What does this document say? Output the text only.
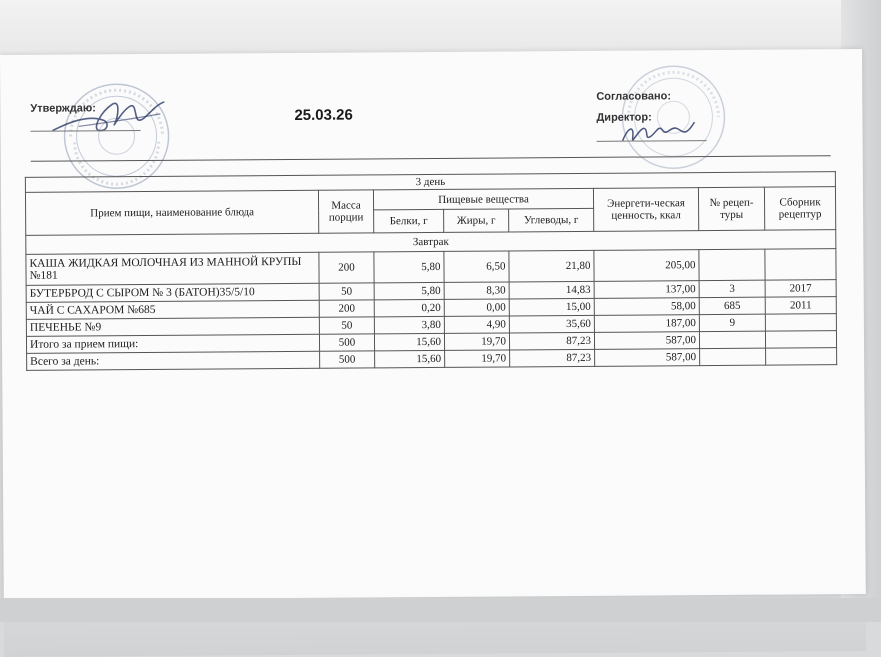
Утверждаю:	25.03.26
Согласовано:
Директор:
3 день							
Прием пищи, наименование блюда	Масса порции	Пищевые вещества			Энергети-ческая ценность, ккал	№ рецеп-туры	Сборник рецептур
		Белки, г	Жиры, г	Углеводы, г			
Завтрак							
КАША ЖИДКАЯ МОЛОЧНАЯ ИЗ МАННОЙ КРУПЫ №181	200	5,80	6,50	21,80	205,00		
БУТЕРБРОД С СЫРОМ № 3 (БАТОН)35/5/10	50	5,80	8,30	14,83	137,00	3	2017
ЧАЙ С САХАРОМ №685	200	0,20	0,00	15,00	58,00	685	2011
ПЕЧЕНЬЕ №9	50	3,80	4,90	35,60	187,00	9	
Итого за прием пищи:	500	15,60	19,70	87,23	587,00		
Всего за день:	500	15,60	19,70	87,23	587,00		
